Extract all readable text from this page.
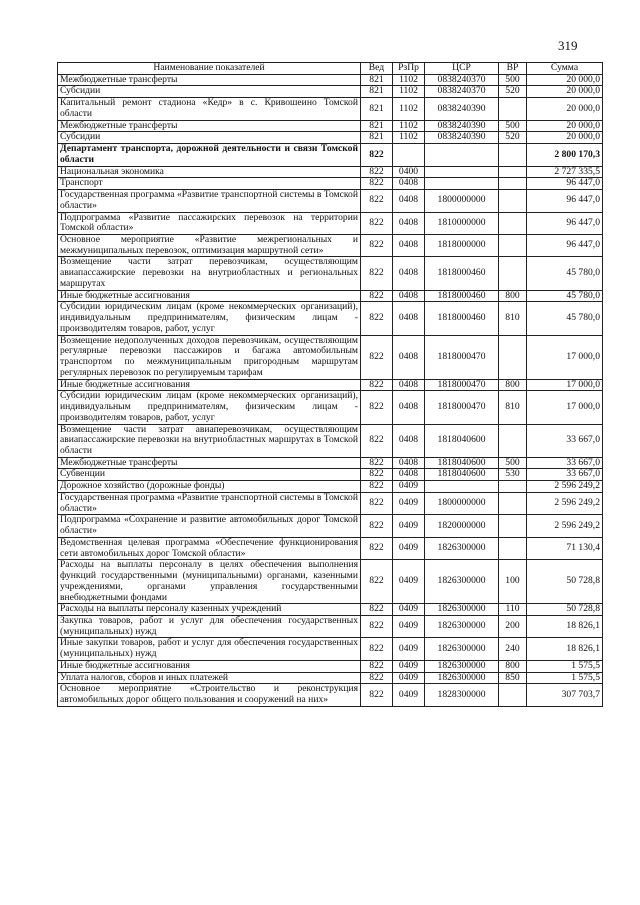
319
Наименование показателей	Вед	РзПр	ЦСР	ВР	Сумма
Межбюджетные трансферты	821	1102	0838240370	500	20 000,0
Субсидии	821	1102	0838240370	520	20 000,0
Капитальный ремонт стадиона «Кедр» в с. Кривошеино Томской области	821	1102	0838240390		20 000,0
Межбюджетные трансферты	821	1102	0838240390	500	20 000,0
Субсидии	821	1102	0838240390	520	20 000,0
Департамент транспорта, дорожной деятельности и связи Томской области	822				2 800 170,3
Национальная экономика	822	0400			2 727 335,5
Транспорт	822	0408			96 447,0
Государственная программа «Развитие транспортной системы в Томской области»	822	0408	1800000000		96 447,0
Подпрограмма «Развитие пассажирских перевозок на территории Томской области»	822	0408	1810000000		96 447,0
Основное мероприятие «Развитие межрегиональных и межмуниципальных перевозок, оптимизация маршрутной сети»	822	0408	1818000000		96 447,0
Возмещение части затрат перевозчикам, осуществляющим авиапассажирские перевозки на внутриобластных и региональных маршрутах	822	0408	1818000460		45 780,0
Иные бюджетные ассигнования	822	0408	1818000460	800	45 780,0
Субсидии юридическим лицам (кроме некоммерческих организаций), индивидуальным предпринимателям, физическим лицам - производителям товаров, работ, услуг	822	0408	1818000460	810	45 780,0
Возмещение недополученных доходов перевозчикам, осуществляющим регулярные перевозки пассажиров и багажа автомобильным транспортом по межмуниципальным пригородным маршрутам регулярных перевозок по регулируемым тарифам	822	0408	1818000470		17 000,0
Иные бюджетные ассигнования	822	0408	1818000470	800	17 000,0
Субсидии юридическим лицам (кроме некоммерческих организаций), индивидуальным предпринимателям, физическим лицам - производителям товаров, работ, услуг	822	0408	1818000470	810	17 000,0
Возмещение части затрат авиаперевозчикам, осуществляющим авиапассажирские перевозки на внутриобластных маршрутах в Томской области	822	0408	1818040600		33 667,0
Межбюджетные трансферты	822	0408	1818040600	500	33 667,0
Субвенции	822	0408	1818040600	530	33 667,0
Дорожное хозяйство (дорожные фонды)	822	0409			2 596 249,2
Государственная программа «Развитие транспортной системы в Томской области»	822	0409	1800000000		2 596 249,2
Подпрограмма «Сохранение и развитие автомобильных дорог Томской области»	822	0409	1820000000		2 596 249,2
Ведомственная целевая программа «Обеспечение функционирования сети автомобильных дорог Томской области»	822	0409	1826300000		71 130,4
Расходы на выплаты персоналу в целях обеспечения выполнения функций государственными (муниципальными) органами, казенными учреждениями, органами управления государственными внебюджетными фондами	822	0409	1826300000	100	50 728,8
Расходы на выплаты персоналу казенных учреждений	822	0409	1826300000	110	50 728,8
Закупка товаров, работ и услуг для обеспечения государственных (муниципальных) нужд	822	0409	1826300000	200	18 826,1
Иные закупки товаров, работ и услуг для обеспечения государственных (муниципальных) нужд	822	0409	1826300000	240	18 826,1
Иные бюджетные ассигнования	822	0409	1826300000	800	1 575,5
Уплата налогов, сборов и иных платежей	822	0409	1826300000	850	1 575,5
Основное мероприятие «Строительство и реконструкция автомобильных дорог общего пользования и сооружений на них»	822	0409	1828300000		307 703,7
